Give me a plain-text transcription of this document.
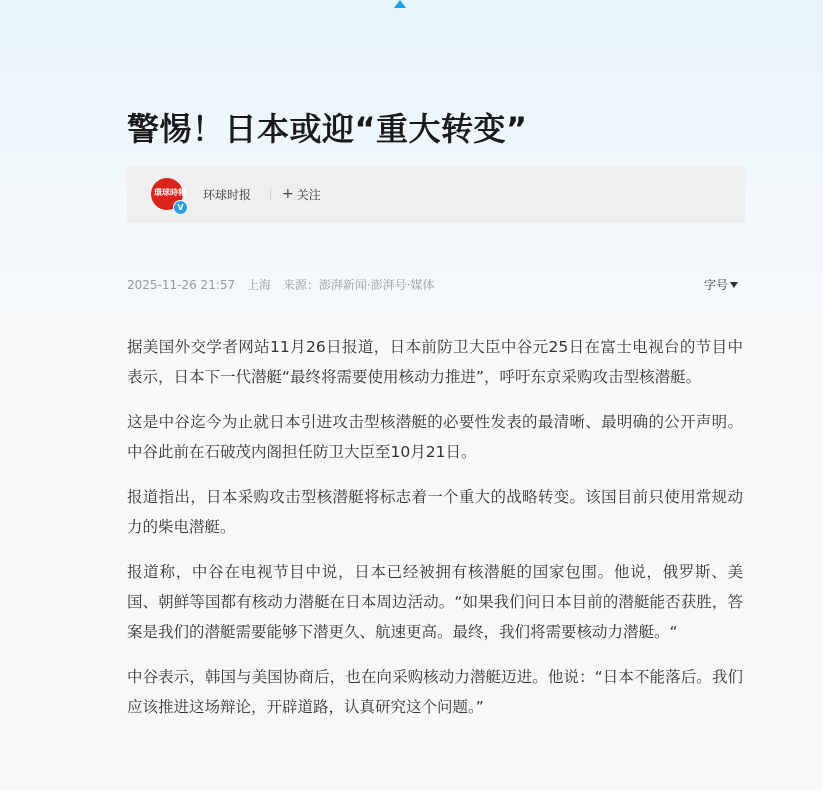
警惕！日本或迎“重大转变”
環球時報
V
环球时报 + 关注
2025-11-26 21:57 上海 来源：澎湃新闻·澎湃号·媒体	字号

据美国外交学者网站11月26日报道，日本前防卫大臣中谷元25日在富士电视台的节目中表示，日本下一代潜艇“最终将需要使用核动力推进”，呼吁东京采购攻击型核潜艇。

这是中谷迄今为止就日本引进攻击型核潜艇的必要性发表的最清晰、最明确的公开声明。中谷此前在石破茂内阁担任防卫大臣至10月21日。

报道指出，日本采购攻击型核潜艇将标志着一个重大的战略转变。该国目前只使用常规动力的柴电潜艇。

报道称，中谷在电视节目中说，日本已经被拥有核潜艇的国家包围。他说，俄罗斯、美国、朝鲜等国都有核动力潜艇在日本周边活动。“如果我们问日本目前的潜艇能否获胜，答案是我们的潜艇需要能够下潜更久、航速更高。最终，我们将需要核动力潜艇。“

中谷表示，韩国与美国协商后，也在向采购核动力潜艇迈进。他说：“日本不能落后。我们应该推进这场辩论，开辟道路，认真研究这个问题。”
